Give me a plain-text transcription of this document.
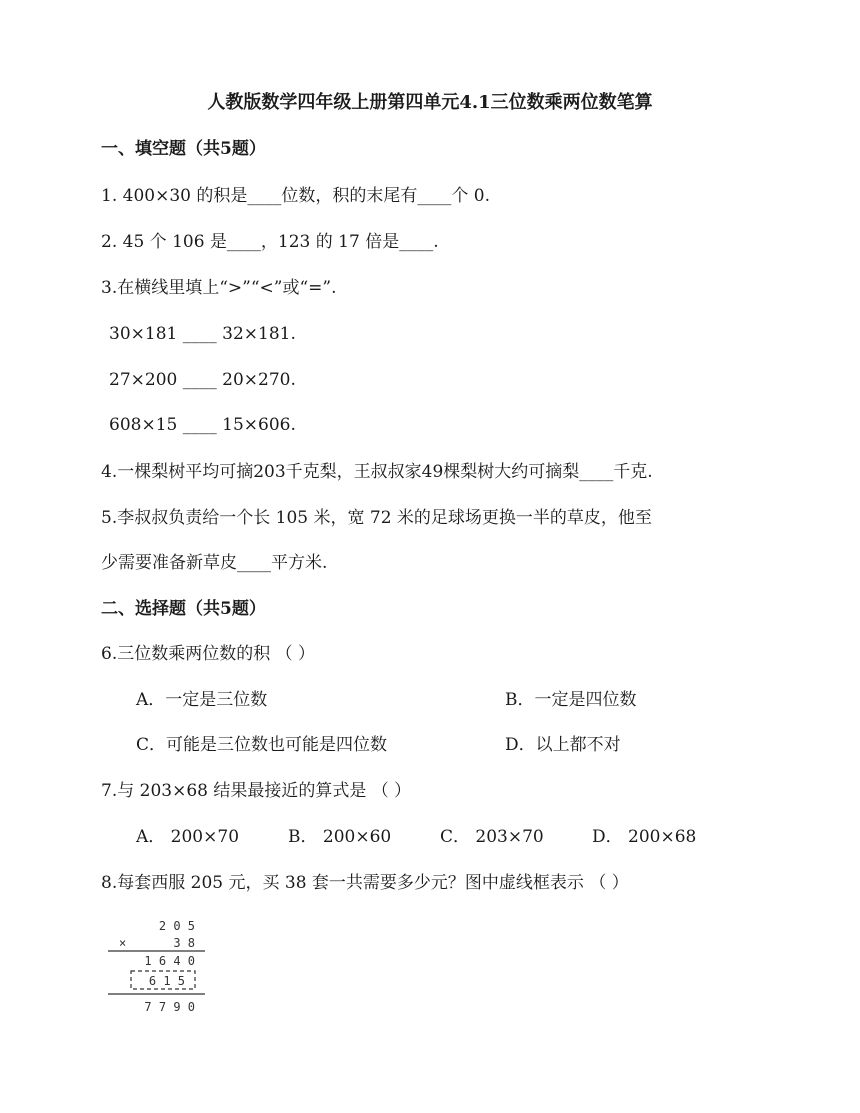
人教版数学四年级上册第四单元4.1三位数乘两位数笔算
一、填空题（共5题）
1. 400×30 的积是____位数，积的末尾有____个 0.
2. 45 个 106 是____，123 的 17 倍是____.
3.在横线里填上“>”“<”或“=”.
30×181 ____ 32×181.
27×200 ____ 20×270.
608×15 ____ 15×606.
4.一棵梨树平均可摘203千克梨，王叔叔家49棵梨树大约可摘梨____千克.
5.李叔叔负责给一个长 105 米，宽 72 米的足球场更换一半的草皮，他至
少需要准备新草皮____平方米.
二、选择题（共5题）
6.三位数乘两位数的积 （ ）
A．一定是三位数	B．一定是四位数
C．可能是三位数也可能是四位数	D．以上都不对
7.与 203×68 结果最接近的算式是 （ ）
A． 200×70	B． 200×60	C． 203×70	D． 200×68
8.每套西服 205 元，买 38 套一共需要多少元？图中虚线框表示 （ ）
2 0 5
×	3 8
1 6 4 0
6 1 5
7 7 9 0
